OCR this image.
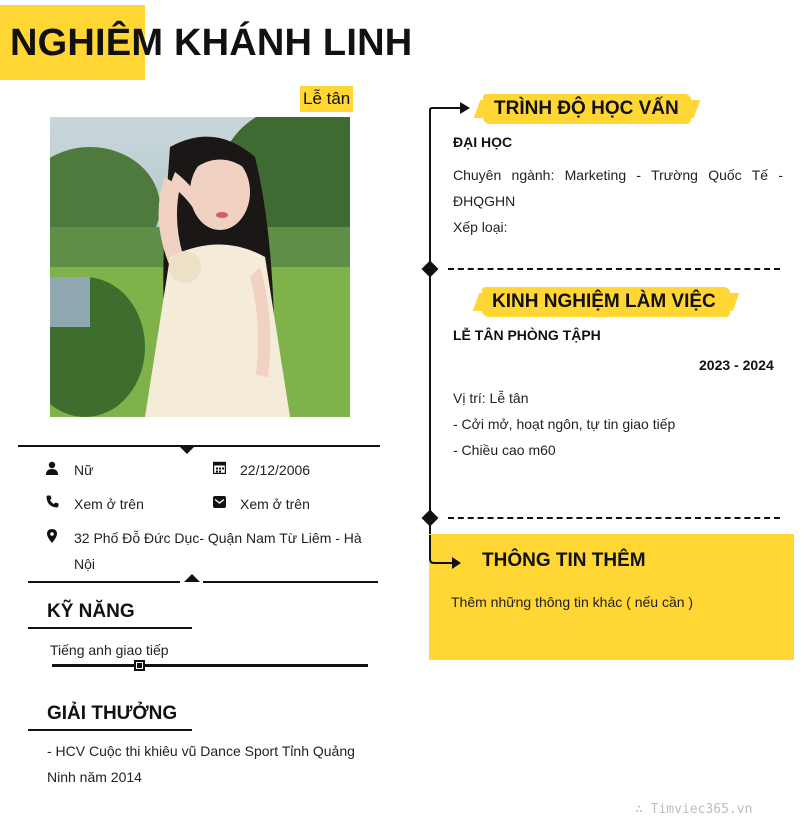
NGHIÊM KHÁNH LINH
Lễ tân
Nữ	22/12/2006
Xem ở trên	Xem ở trên
32 Phố Đỗ Đức Dục- Quận Nam Từ Liêm - Hà Nội
KỸ NĂNG
Tiếng anh giao tiếp
GIẢI THƯỞNG
- HCV Cuộc thi khiêu vũ Dance Sport Tỉnh Quảng Ninh năm 2014
TRÌNH ĐỘ HỌC VẤN
ĐẠI HỌC
Chuyên ngành: Marketing - Trường Quốc Tế - ĐHQGHN
Xếp loại:
KINH NGHIỆM LÀM VIỆC
LỄ TÂN PHÒNG TẬPH
2023 - 2024
Vị trí: Lễ tân
- Cởi mở, hoạt ngôn, tự tin giao tiếp
- Chiều cao m60
THÔNG TIN THÊM
Thêm những thông tin khác ( nếu cần )
∴ Timviec365.vn
